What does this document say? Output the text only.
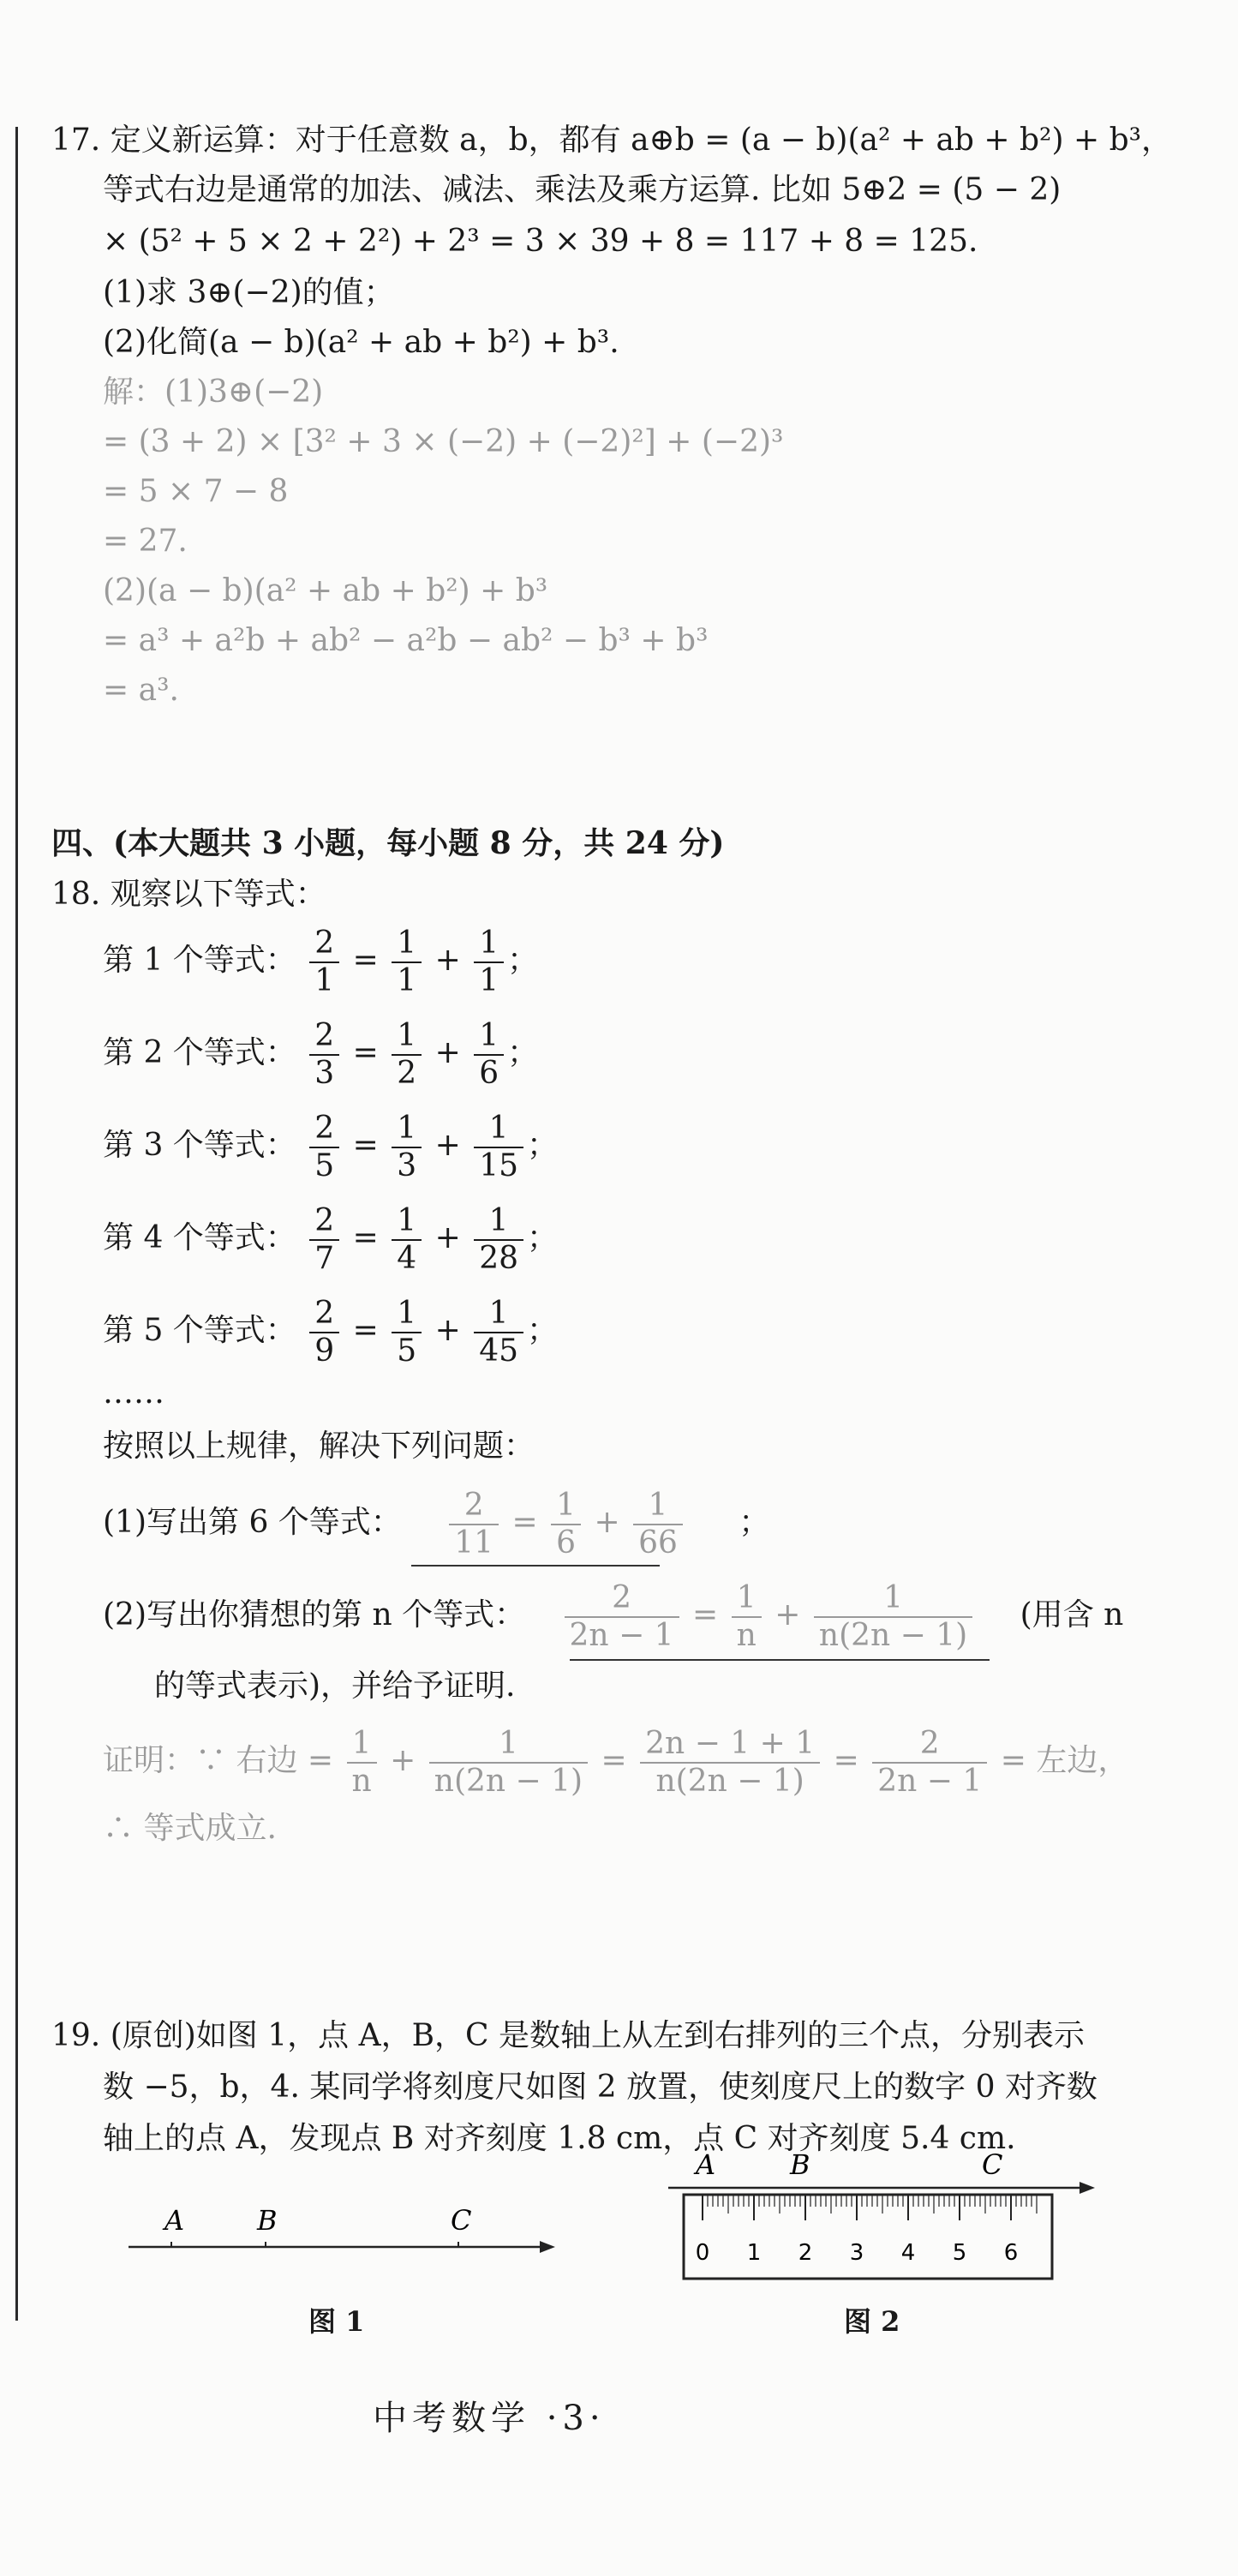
17. 定义新运算：对于任意数 a，b，都有 a⊕b = (a − b)(a² + ab + b²) + b³，
等式右边是通常的加法、减法、乘法及乘方运算. 比如 5⊕2 = (5 − 2)
× (5² + 5 × 2 + 2²) + 2³ = 3 × 39 + 8 = 117 + 8 = 125.
(1)求 3⊕(−2)的值；
(2)化简(a − b)(a² + ab + b²) + b³.
解：(1)3⊕(−2)
= (3 + 2) × [3² + 3 × (−2) + (−2)²] + (−2)³
= 5 × 7 − 8
= 27.
(2)(a − b)(a² + ab + b²) + b³
= a³ + a²b + ab² − a²b − ab² − b³ + b³
= a³.
四、(本大题共 3 小题，每小题 8 分，共 24 分)
18. 观察以下等式：
第 1 个等式： $\frac{2}{1} = \frac{1}{1} + \frac{1}{1}$ ；
第 2 个等式： $\frac{2}{3} = \frac{1}{2} + \frac{1}{6}$ ；
第 3 个等式： $\frac{2}{5} = \frac{1}{3} + \frac{1}{15}$ ；
第 4 个等式： $\frac{2}{7} = \frac{1}{4} + \frac{1}{28}$ ；
第 5 个等式： $\frac{2}{9} = \frac{1}{5} + \frac{1}{45}$ ；
……
按照以上规律，解决下列问题：
(1)写出第 6 个等式： $\frac{2}{11} = \frac{1}{6} + \frac{1}{66}$ ；
(2)写出你猜想的第 n 个等式： $\frac{2}{2n - 1} = \frac{1}{n} + \frac{1}{n(2n - 1)}$ (用含 n
的等式表示)，并给予证明.
证明：∵ 右边 = $\frac{1}{n} + \frac{1}{n(2n - 1)} = \frac{2n - 1 + 1}{n(2n - 1)} = \frac{2}{2n - 1}$ = 左边，
∴ 等式成立.
19. (原创)如图 1，点 A，B，C 是数轴上从左到右排列的三个点，分别表示
数 −5，b，4. 某同学将刻度尺如图 2 放置，使刻度尺上的数字 0 对齐数
轴上的点 A，发现点 B 对齐刻度 1.8 cm，点 C 对齐刻度 5.4 cm.
A	B	C
图 1
A	B	C
0 1 2 3 4 5 6
图 2
中考数学 ·3·
